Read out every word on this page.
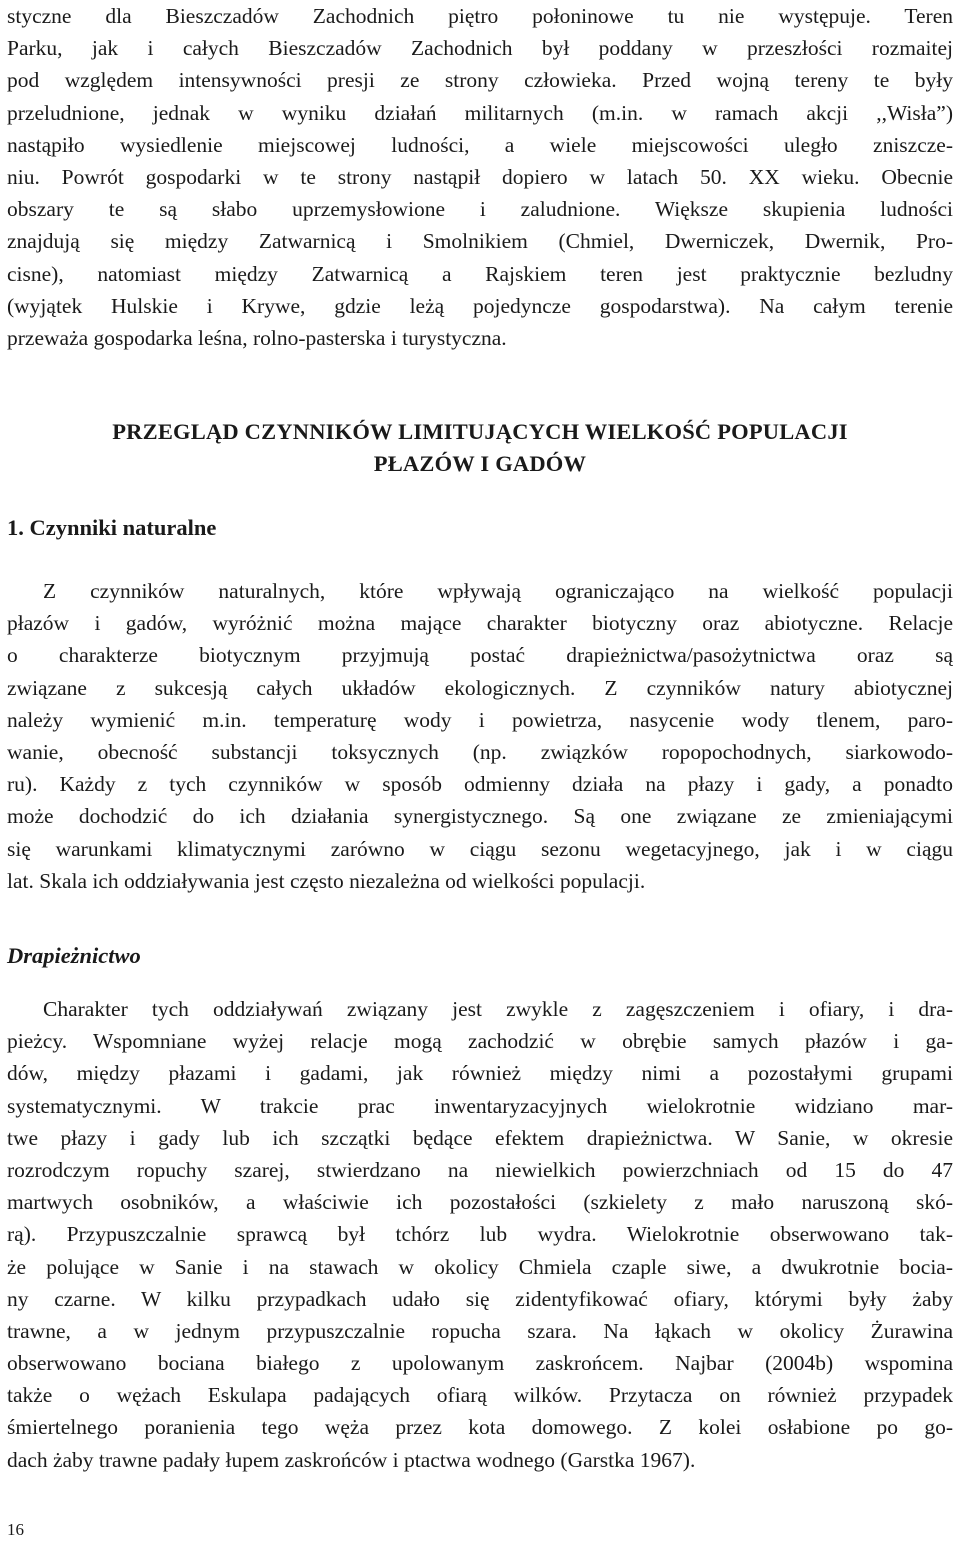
styczne dla Bieszczadów Zachodnich piętro połoninowe tu nie występuje. Teren
Parku, jak i całych Bieszczadów Zachodnich był poddany w przeszłości rozmaitej
pod względem intensywności presji ze strony człowieka. Przed wojną tereny te były
przeludnione, jednak w wyniku działań militarnych (m.in. w ramach akcji ,,Wisła”)
nastąpiło wysiedlenie miejscowej ludności, a wiele miejscowości uległo zniszcze-
niu. Powrót gospodarki w te strony nastąpił dopiero w latach 50. XX wieku. Obecnie
obszary te są słabo uprzemysłowione i zaludnione. Większe skupienia ludności
znajdują się między Zatwarnicą i Smolnikiem (Chmiel, Dwerniczek, Dwernik, Pro-
cisne), natomiast między Zatwarnicą a Rajskiem teren jest praktycznie bezludny
(wyjątek Hulskie i Krywe, gdzie leżą pojedyncze gospodarstwa). Na całym terenie
przeważa gospodarka leśna, rolno-pasterska i turystyczna.
PRZEGLĄD CZYNNIKÓW LIMITUJĄCYCH WIELKOŚĆ POPULACJI
PŁAZÓW I GADÓW
1. Czynniki naturalne
Z czynników naturalnych, które wpływają ograniczająco na wielkość populacji
płazów i gadów, wyróżnić można mające charakter biotyczny oraz abiotyczne. Relacje
o charakterze biotycznym przyjmują postać drapieżnictwa/pasożytnictwa oraz są
związane z sukcesją całych układów ekologicznych. Z czynników natury abiotycznej
należy wymienić m.in. temperaturę wody i powietrza, nasycenie wody tlenem, paro-
wanie, obecność substancji toksycznych (np. związków ropopochodnych, siarkowodo-
ru). Każdy z tych czynników w sposób odmienny działa na płazy i gady, a ponadto
może dochodzić do ich działania synergistycznego. Są one związane ze zmieniającymi
się warunkami klimatycznymi zarówno w ciągu sezonu wegetacyjnego, jak i w ciągu
lat. Skala ich oddziaływania jest często niezależna od wielkości populacji.
Drapieżnictwo
Charakter tych oddziaływań związany jest zwykle z zagęszczeniem i ofiary, i dra-
pieżcy. Wspomniane wyżej relacje mogą zachodzić w obrębie samych płazów i ga-
dów, między płazami i gadami, jak również między nimi a pozostałymi grupami
systematycznymi. W trakcie prac inwentaryzacyjnych wielokrotnie widziano mar-
twe płazy i gady lub ich szczątki będące efektem drapieżnictwa. W Sanie, w okresie
rozrodczym ropuchy szarej, stwierdzano na niewielkich powierzchniach od 15 do 47
martwych osobników, a właściwie ich pozostałości (szkielety z mało naruszoną skó-
rą). Przypuszczalnie sprawcą był tchórz lub wydra. Wielokrotnie obserwowano tak-
że polujące w Sanie i na stawach w okolicy Chmiela czaple siwe, a dwukrotnie bocia-
ny czarne. W kilku przypadkach udało się zidentyfikować ofiary, którymi były żaby
trawne, a w jednym przypuszczalnie ropucha szara. Na łąkach w okolicy Żurawina
obserwowano bociana białego z upolowanym zaskrońcem. Najbar (2004b) wspomina
także o wężach Eskulapa padających ofiarą wilków. Przytacza on również przypadek
śmiertelnego poranienia tego węża przez kota domowego. Z kolei osłabione po go-
dach żaby trawne padały łupem zaskrońców i ptactwa wodnego (Garstka 1967).
16
